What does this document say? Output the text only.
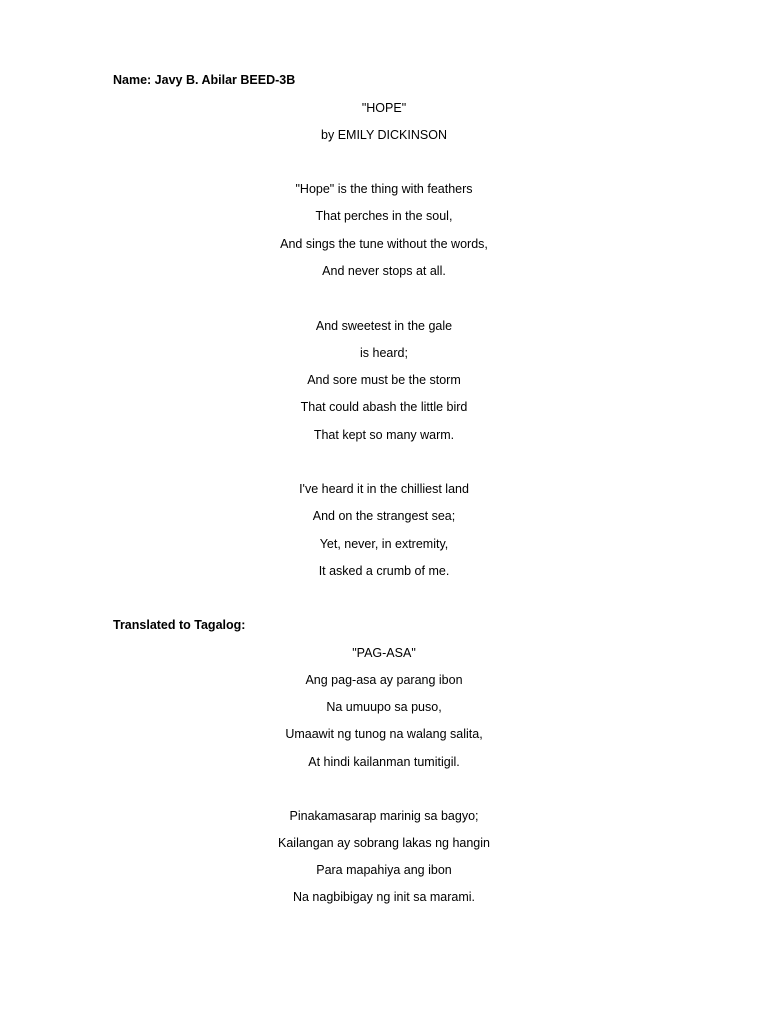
Name: Javy B. Abilar BEED-3B
"HOPE"
by EMILY DICKINSON
"Hope" is the thing with feathers
That perches in the soul,
And sings the tune without the words,
And never stops at all.
And sweetest in the gale
is heard;
And sore must be the storm
That could abash the little bird
That kept so many warm.
I've heard it in the chilliest land
And on the strangest sea;
Yet, never, in extremity,
It asked a crumb of me.
Translated to Tagalog:
"PAG-ASA"
Ang pag-asa ay parang ibon
Na umuupo sa puso,
Umaawit ng tunog na walang salita,
At hindi kailanman tumitigil.
Pinakamasarap marinig sa bagyo;
Kailangan ay sobrang lakas ng hangin
Para mapahiya ang ibon
Na nagbibigay ng init sa marami.
